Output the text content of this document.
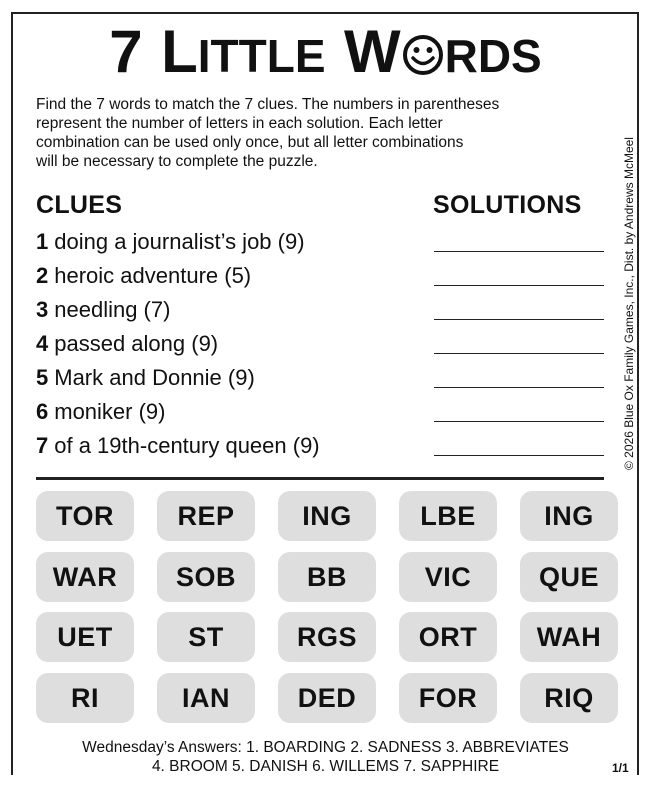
7 LITTLE W RDS
Find the 7 words to match the 7 clues. The numbers in parentheses
represent the number of letters in each solution. Each letter
combination can be used only once, but all letter combinations
will be necessary to complete the puzzle.	© 2026 Blue Ox Family Games, Inc., Dist. by Andrews McMeel
CLUES	SOLUTIONS
1 doing a journalist’s job (9)
2 heroic adventure (5)
3 needling (7)
4 passed along (9)
5 Mark and Donnie (9)
6 moniker (9)
7 of a 19th-century queen (9)
TOR	REP	ING	LBE	ING
WAR	SOB	BB	VIC	QUE
UET	ST	RGS	ORT	WAH
RI	IAN	DED	FOR	RIQ
Wednesday’s Answers: 1. BOARDING 2. SADNESS 3. ABBREVIATES
4. BROOM 5. DANISH 6. WILLEMS 7. SAPPHIRE	1/1
